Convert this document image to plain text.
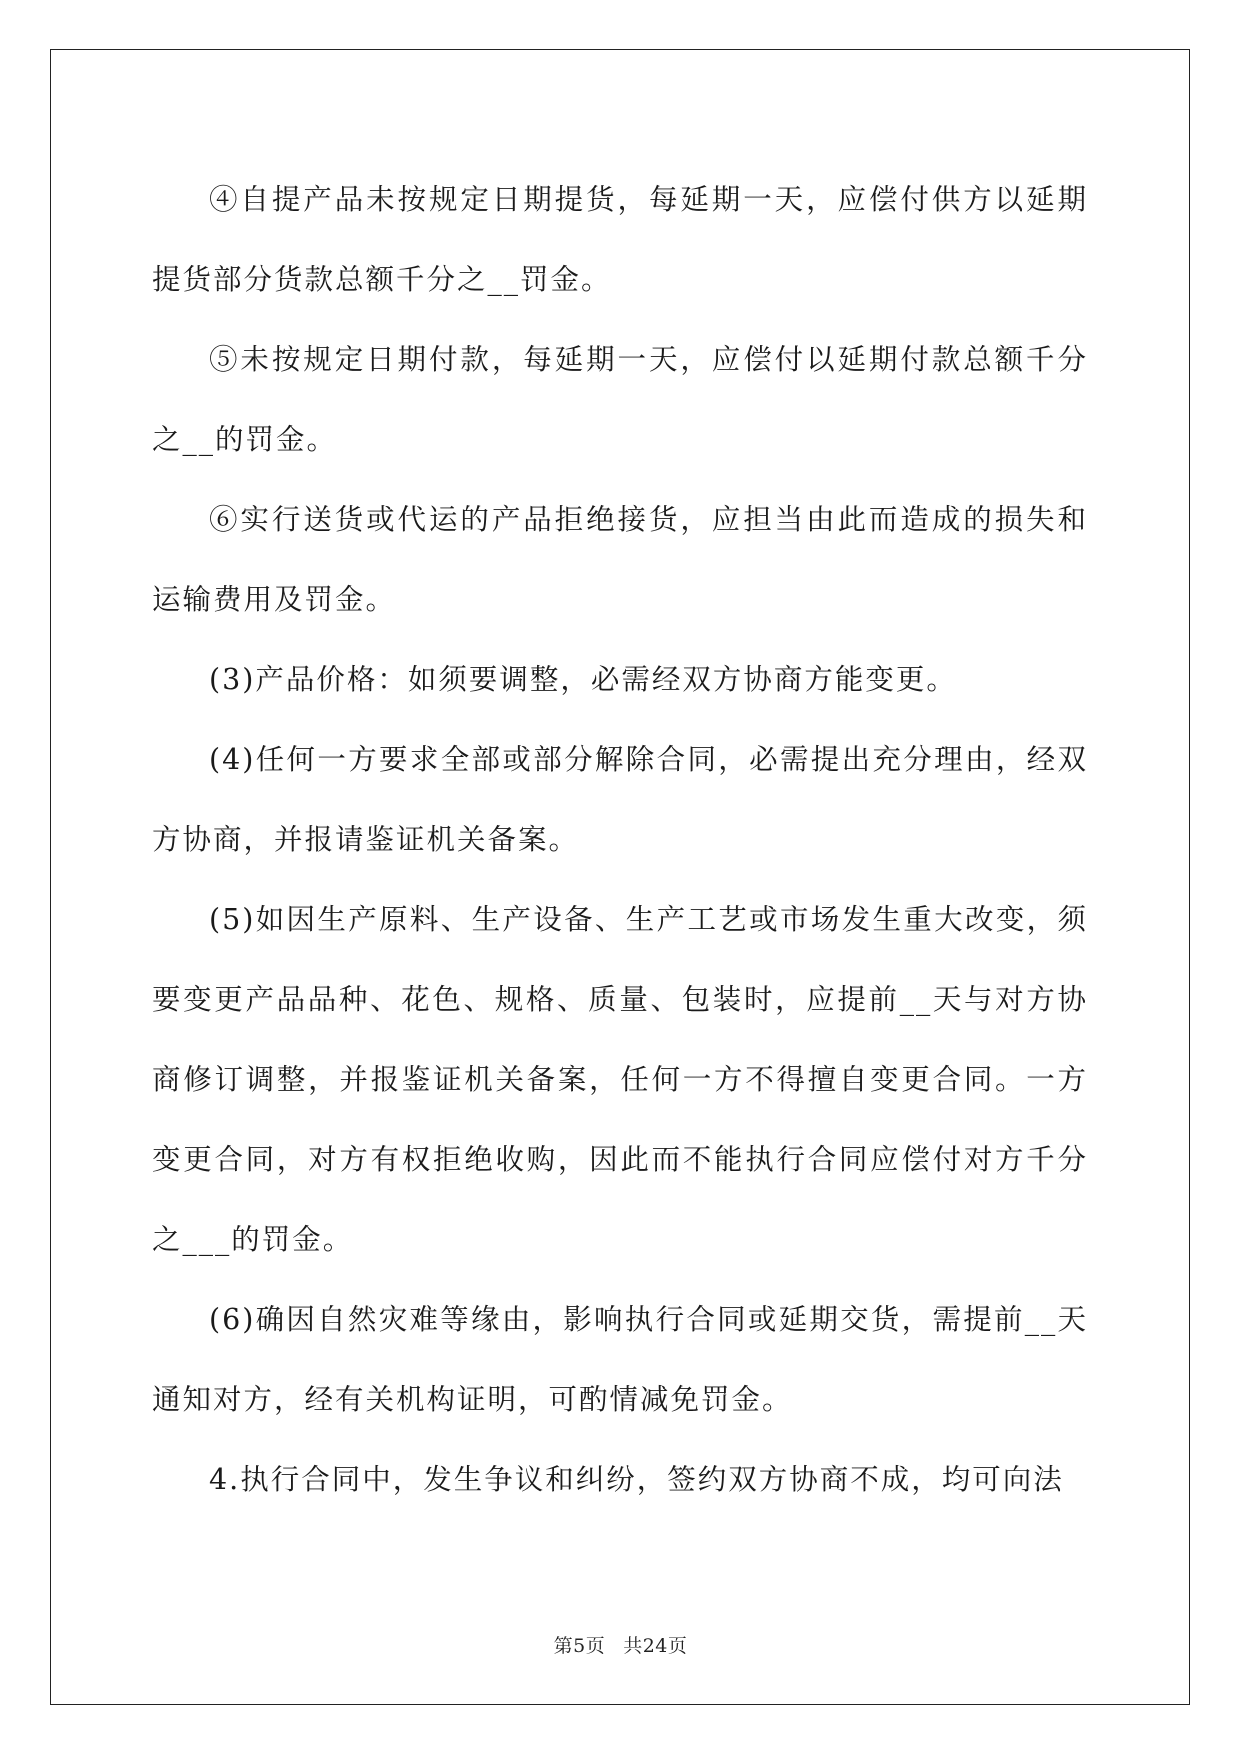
④自提产品未按规定日期提货，每延期一天，应偿付供方以延期提货部分货款总额千分之__罚金。

⑤未按规定日期付款，每延期一天，应偿付以延期付款总额千分之__的罚金。

⑥实行送货或代运的产品拒绝接货，应担当由此而造成的损失和运输费用及罚金。

(3)产品价格：如须要调整，必需经双方协商方能变更。

(4)任何一方要求全部或部分解除合同，必需提出充分理由，经双方协商，并报请鉴证机关备案。

(5)如因生产原料、生产设备、生产工艺或市场发生重大改变，须要变更产品品种、花色、规格、质量、包装时，应提前__天与对方协商修订调整，并报鉴证机关备案，任何一方不得擅自变更合同。一方变更合同，对方有权拒绝收购，因此而不能执行合同应偿付对方千分之___的罚金。

(6)确因自然灾难等缘由，影响执行合同或延期交货，需提前__天通知对方，经有关机构证明，可酌情减免罚金。

4.执行合同中，发生争议和纠纷，签约双方协商不成，均可向法

第5页 共24页
